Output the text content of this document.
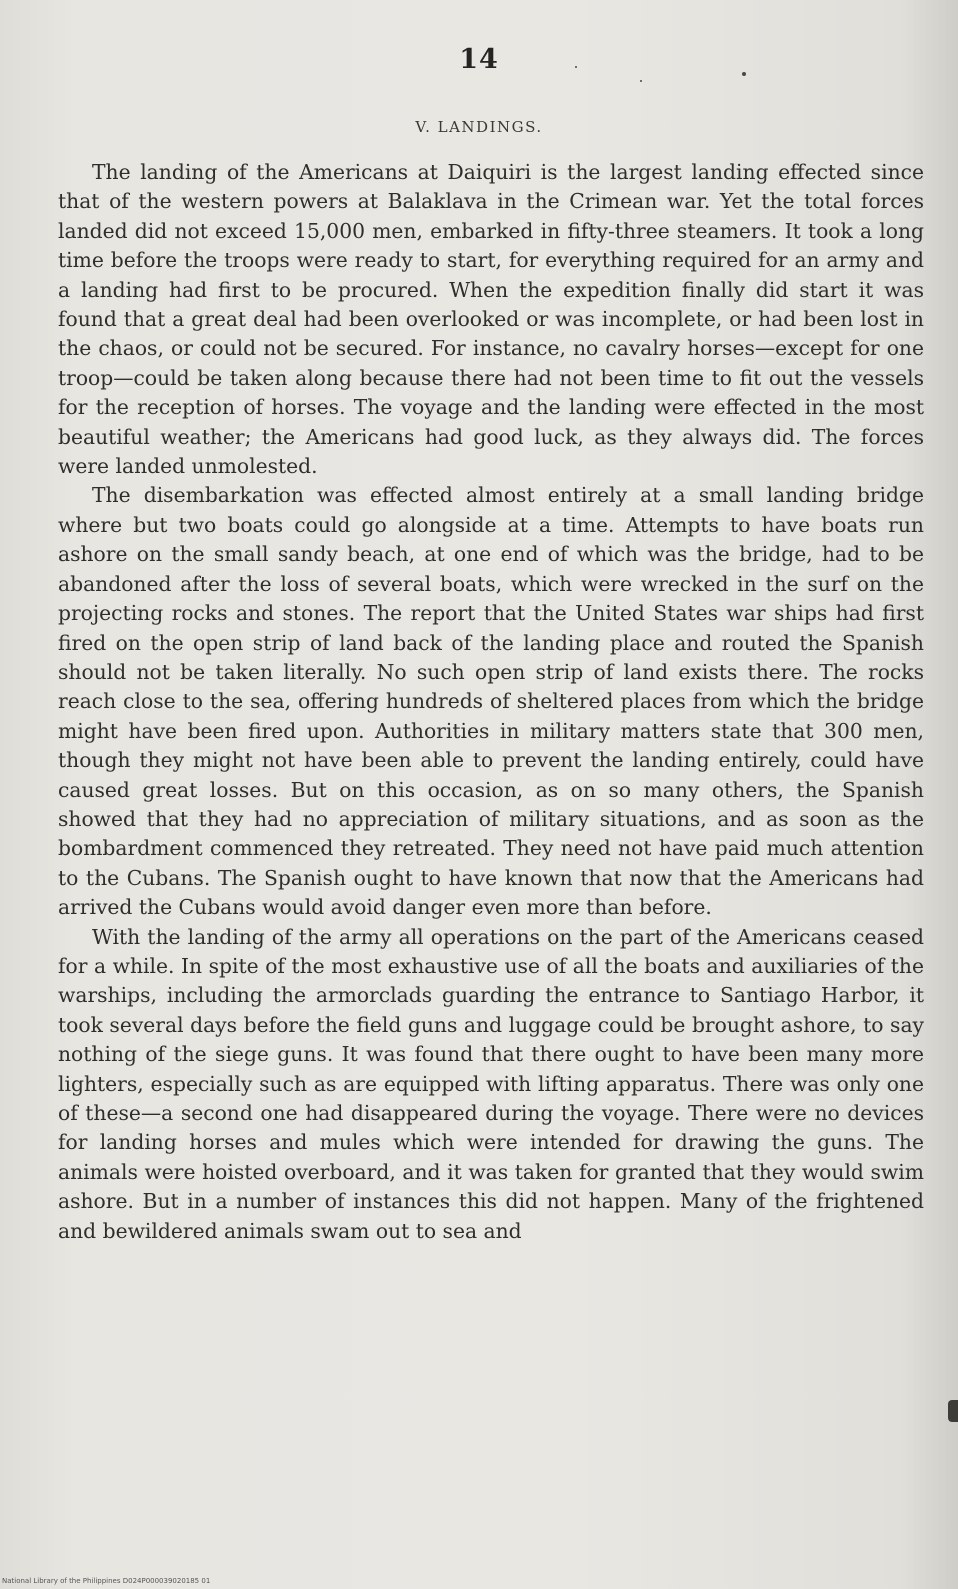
14
V. LANDINGS.

The landing of the Americans at Daiquiri is the largest landing effected since that of the western powers at Balaklava in the Crimean war. Yet the total forces landed did not exceed 15,000 men, embarked in fifty-three steamers. It took a long time before the troops were ready to start, for everything required for an army and a landing had first to be procured. When the expedition finally did start it was found that a great deal had been overlooked or was incomplete, or had been lost in the chaos, or could not be secured. For instance, no cavalry horses—except for one troop—could be taken along because there had not been time to fit out the vessels for the reception of horses. The voyage and the landing were effected in the most beautiful weather; the Americans had good luck, as they always did. The forces were landed unmolested.

The disembarkation was effected almost entirely at a small landing bridge where but two boats could go alongside at a time. Attempts to have boats run ashore on the small sandy beach, at one end of which was the bridge, had to be abandoned after the loss of several boats, which were wrecked in the surf on the projecting rocks and stones. The report that the United States war ships had first fired on the open strip of land back of the landing place and routed the Spanish should not be taken literally. No such open strip of land exists there. The rocks reach close to the sea, offering hundreds of sheltered places from which the bridge might have been fired upon. Authorities in military matters state that 300 men, though they might not have been able to prevent the landing entirely, could have caused great losses. But on this occasion, as on so many others, the Spanish showed that they had no appreciation of military situations, and as soon as the bombardment commenced they retreated. They need not have paid much attention to the Cubans. The Spanish ought to have known that now that the Americans had arrived the Cubans would avoid danger even more than before.

With the landing of the army all operations on the part of the Americans ceased for a while. In spite of the most exhaustive use of all the boats and auxiliaries of the warships, including the armorclads guarding the entrance to Santiago Harbor, it took several days before the field guns and luggage could be brought ashore, to say nothing of the siege guns. It was found that there ought to have been many more lighters, especially such as are equipped with lifting apparatus. There was only one of these—a second one had disappeared during the voyage. There were no devices for landing horses and mules which were intended for drawing the guns. The animals were hoisted overboard, and it was taken for granted that they would swim ashore. But in a number of instances this did not happen. Many of the frightened and bewildered animals swam out to sea and

National Library of the Philippines D024P000039020185 01
